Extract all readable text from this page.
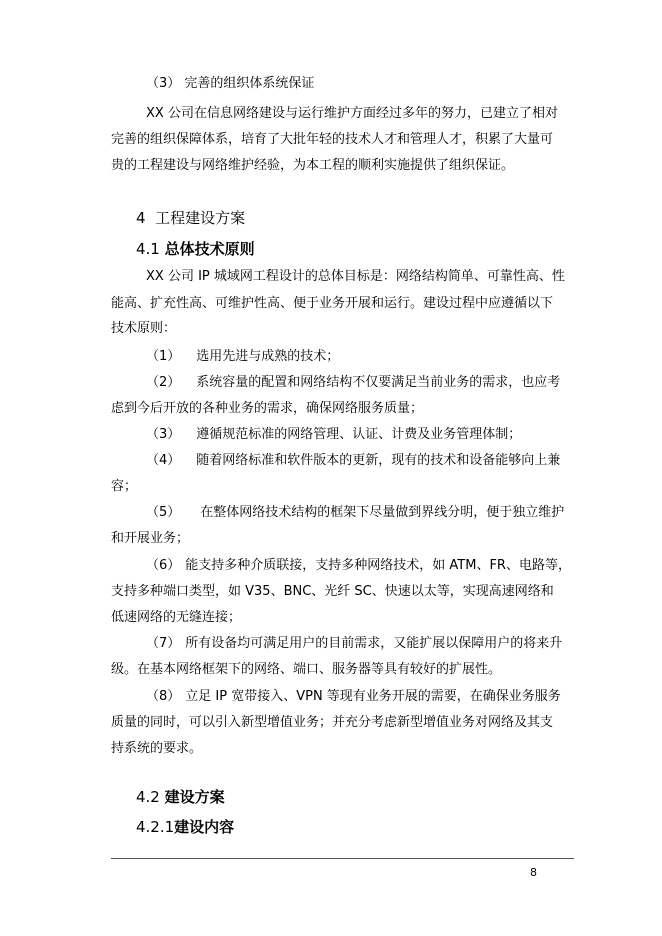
（3） 完善的组织体系统保证
XX 公司在信息网络建设与运行维护方面经过多年的努力，已建立了相对
完善的组织保障体系，培育了大批年轻的技术人才和管理人才，积累了大量可
贵的工程建设与网络维护经验，为本工程的顺利实施提供了组织保证。
4 工程建设方案
4.1 总体技术原则
XX 公司 IP 城域网工程设计的总体目标是：网络结构简单、可靠性高、性
能高、扩充性高、可维护性高、便于业务开展和运行。建设过程中应遵循以下
技术原则：
（1） 选用先进与成熟的技术；
（2） 系统容量的配置和网络结构不仅要满足当前业务的需求，也应考
虑到今后开放的各种业务的需求，确保网络服务质量；
（3） 遵循规范标准的网络管理、认证、计费及业务管理体制；
（4） 随着网络标准和软件版本的更新，现有的技术和设备能够向上兼
容；
（5） 在整体网络技术结构的框架下尽量做到界线分明，便于独立维护
和开展业务；
（6） 能支持多种介质联接，支持多种网络技术，如 ATM、FR、电路等，
支持多种端口类型，如 V35、BNC、光纤 SC、快速以太等，实现高速网络和
低速网络的无缝连接；
（7） 所有设备均可满足用户的目前需求，又能扩展以保障用户的将来升
级。在基本网络框架下的网络、端口、服务器等具有较好的扩展性。
（8） 立足 IP 宽带接入、VPN 等现有业务开展的需要，在确保业务服务
质量的同时，可以引入新型增值业务；并充分考虑新型增值业务对网络及其支
持系统的要求。
4.2 建设方案
4.2.1建设内容
8
